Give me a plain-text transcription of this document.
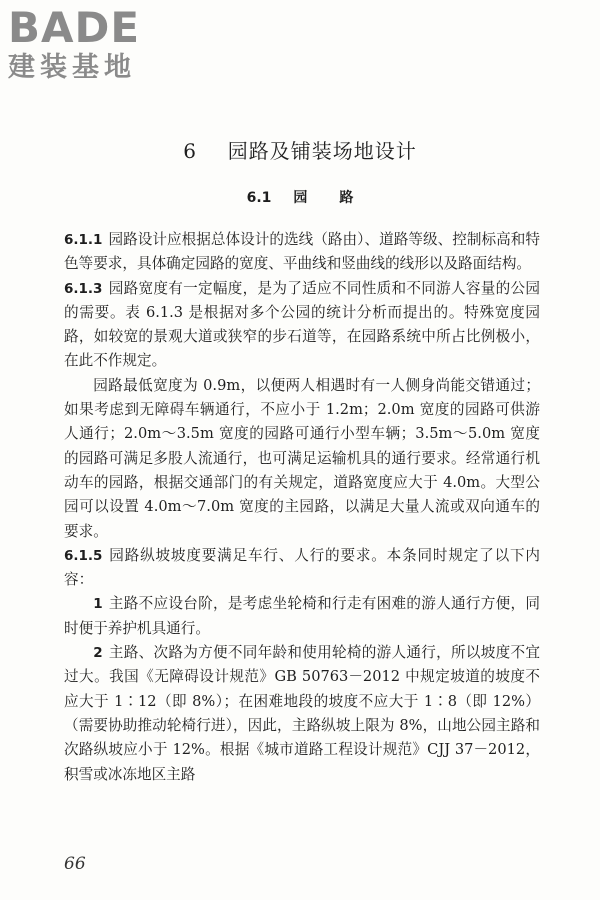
BADE
建装基地
6 园路及铺装场地设计
6.1 园 路

6.1.1 园路设计应根据总体设计的选线（路由）、道路等级、控制标高和特色等要求，具体确定园路的宽度、平曲线和竖曲线的线形以及路面结构。

6.1.3 园路宽度有一定幅度，是为了适应不同性质和不同游人容量的公园的需要。表 6.1.3 是根据对多个公园的统计分析而提出的。特殊宽度园路，如较宽的景观大道或狭窄的步石道等，在园路系统中所占比例极小，在此不作规定。

园路最低宽度为 0.9m，以便两人相遇时有一人侧身尚能交错通过；如果考虑到无障碍车辆通行，不应小于 1.2m；2.0m 宽度的园路可供游人通行；2.0m～3.5m 宽度的园路可通行小型车辆；3.5m～5.0m 宽度的园路可满足多股人流通行，也可满足运输机具的通行要求。经常通行机动车的园路，根据交通部门的有关规定，道路宽度应大于 4.0m。大型公园可以设置 4.0m～7.0m 宽度的主园路，以满足大量人流或双向通车的要求。

6.1.5 园路纵坡坡度要满足车行、人行的要求。本条同时规定了以下内容：

1 主路不应设台阶，是考虑坐轮椅和行走有困难的游人通行方便，同时便于养护机具通行。

2 主路、次路为方便不同年龄和使用轮椅的游人通行，所以坡度不宜过大。我国《无障碍设计规范》GB 50763－2012 中规定坡道的坡度不应大于 1∶12（即 8%）；在困难地段的坡度不应大于 1∶8（即 12%）（需要协助推动轮椅行进），因此，主路纵坡上限为 8%，山地公园主路和次路纵坡应小于 12%。根据《城市道路工程设计规范》CJJ 37－2012，积雪或冰冻地区主路

66
